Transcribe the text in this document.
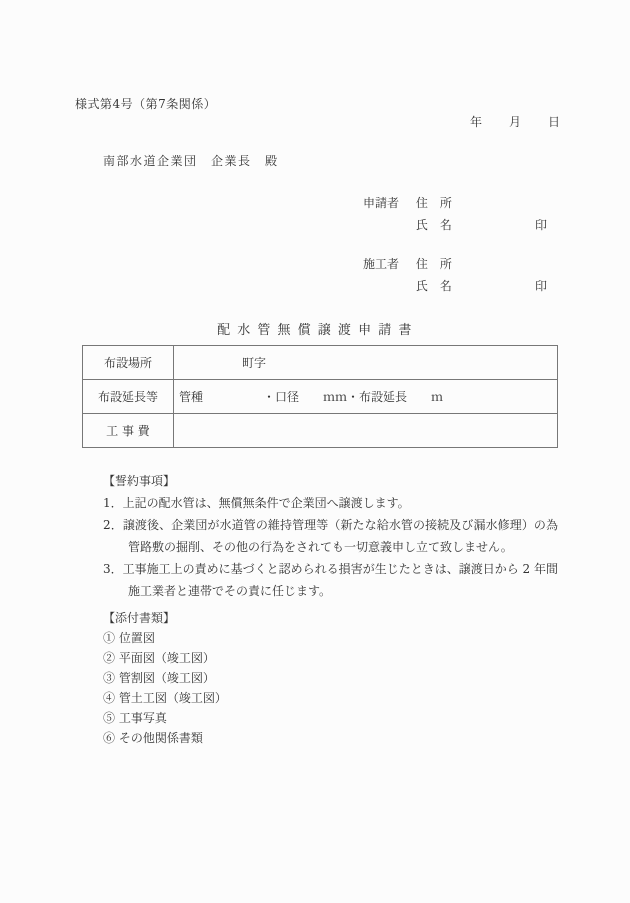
様式第4号（第7条関係）
年　　月　　日
南部水道企業団　企業長　殿
申請者 住　所
氏　名	印
施工者 住　所
氏　名	印
配 水 管 無 償 譲 渡 申 請 書
布設場所	町字
布設延長等	管種　　　　　・口径　　ｍｍ・布設延長　　ｍ
工 事 費	
【誓約事項】
1．上記の配水管は、無償無条件で企業団へ譲渡します。
2．譲渡後、企業団が水道管の維持管理等（新たな給水管の接続及び漏水修理）の為
管路敷の掘削、その他の行為をされても一切意義申し立て致しません。
3．工事施工上の責めに基づくと認められる損害が生じたときは、譲渡日から 2 年間
施工業者と連帯でその責に任じます。
【添付書類】
① 位置図
② 平面図（竣工図）
③ 管割図（竣工図）
④ 管土工図（竣工図）
⑤ 工事写真
⑥ その他関係書類
